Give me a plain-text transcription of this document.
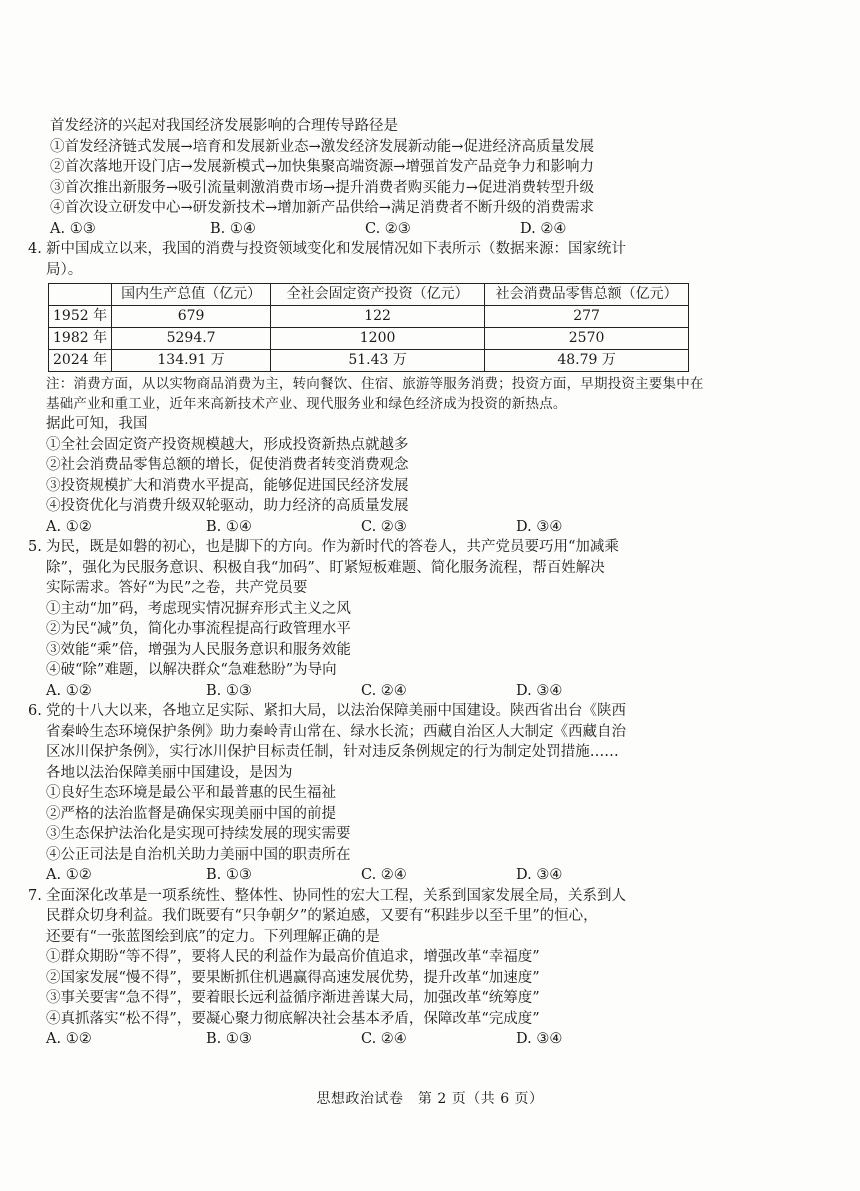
首发经济的兴起对我国经济发展影响的合理传导路径是
①首发经济链式发展→培育和发展新业态→激发经济发展新动能→促进经济高质量发展
②首次落地开设门店→发展新模式→加快集聚高端资源→增强首发产品竞争力和影响力
③首次推出新服务→吸引流量刺激消费市场→提升消费者购买能力→促进消费转型升级
④首次设立研发中心→研发新技术→增加新产品供给→满足消费者不断升级的消费需求
A. ①③	B. ①④	C. ②③	D. ②④
4. 新中国成立以来，我国的消费与投资领域变化和发展情况如下表所示（数据来源：国家统计
局）。
	国内生产总值（亿元）	全社会固定资产投资（亿元）	社会消费品零售总额（亿元）
1952 年	679	122	277
1982 年	5294.7	1200	2570
2024 年	134.91 万	51.43 万	48.79 万
注：消费方面，从以实物商品消费为主，转向餐饮、住宿、旅游等服务消费；投资方面，早期投资主要集中在基础产业和重工业，近年来高新技术产业、现代服务业和绿色经济成为投资的新热点。
据此可知，我国
①全社会固定资产投资规模越大，形成投资新热点就越多
②社会消费品零售总额的增长，促使消费者转变消费观念
③投资规模扩大和消费水平提高，能够促进国民经济发展
④投资优化与消费升级双轮驱动，助力经济的高质量发展
A. ①②	B. ①④	C. ②③	D. ③④
5. 为民，既是如磐的初心，也是脚下的方向。作为新时代的答卷人，共产党员要巧用“加减乘
除”，强化为民服务意识、积极自我“加码”、盯紧短板难题、简化服务流程，帮百姓解决
实际需求。答好“为民”之卷，共产党员要
①主动“加”码，考虑现实情况摒弃形式主义之风
②为民“减”负，简化办事流程提高行政管理水平
③效能“乘”倍，增强为人民服务意识和服务效能
④破“除”难题，以解决群众“急难愁盼”为导向
A. ①②	B. ①③	C. ②④	D. ③④
6. 党的十八大以来，各地立足实际、紧扣大局，以法治保障美丽中国建设。陕西省出台《陕西
省秦岭生态环境保护条例》助力秦岭青山常在、绿水长流；西藏自治区人大制定《西藏自治
区冰川保护条例》，实行冰川保护目标责任制，针对违反条例规定的行为制定处罚措施……
各地以法治保障美丽中国建设，是因为
①良好生态环境是最公平和最普惠的民生福祉
②严格的法治监督是确保实现美丽中国的前提
③生态保护法治化是实现可持续发展的现实需要
④公正司法是自治机关助力美丽中国的职责所在
A. ①②	B. ①③	C. ②④	D. ③④
7. 全面深化改革是一项系统性、整体性、协同性的宏大工程，关系到国家发展全局，关系到人
民群众切身利益。我们既要有“只争朝夕”的紧迫感，又要有“积跬步以至千里”的恒心，
还要有“一张蓝图绘到底”的定力。下列理解正确的是
①群众期盼“等不得”，要将人民的利益作为最高价值追求，增强改革“幸福度”
②国家发展“慢不得”，要果断抓住机遇赢得高速发展优势，提升改革“加速度”
③事关要害“急不得”，要着眼长远利益循序渐进善谋大局，加强改革“统筹度”
④真抓落实“松不得”，要凝心聚力彻底解决社会基本矛盾，保障改革“完成度”
A. ①②	B. ①③	C. ②④	D. ③④
思想政治试卷　第 2 页（共 6 页）
